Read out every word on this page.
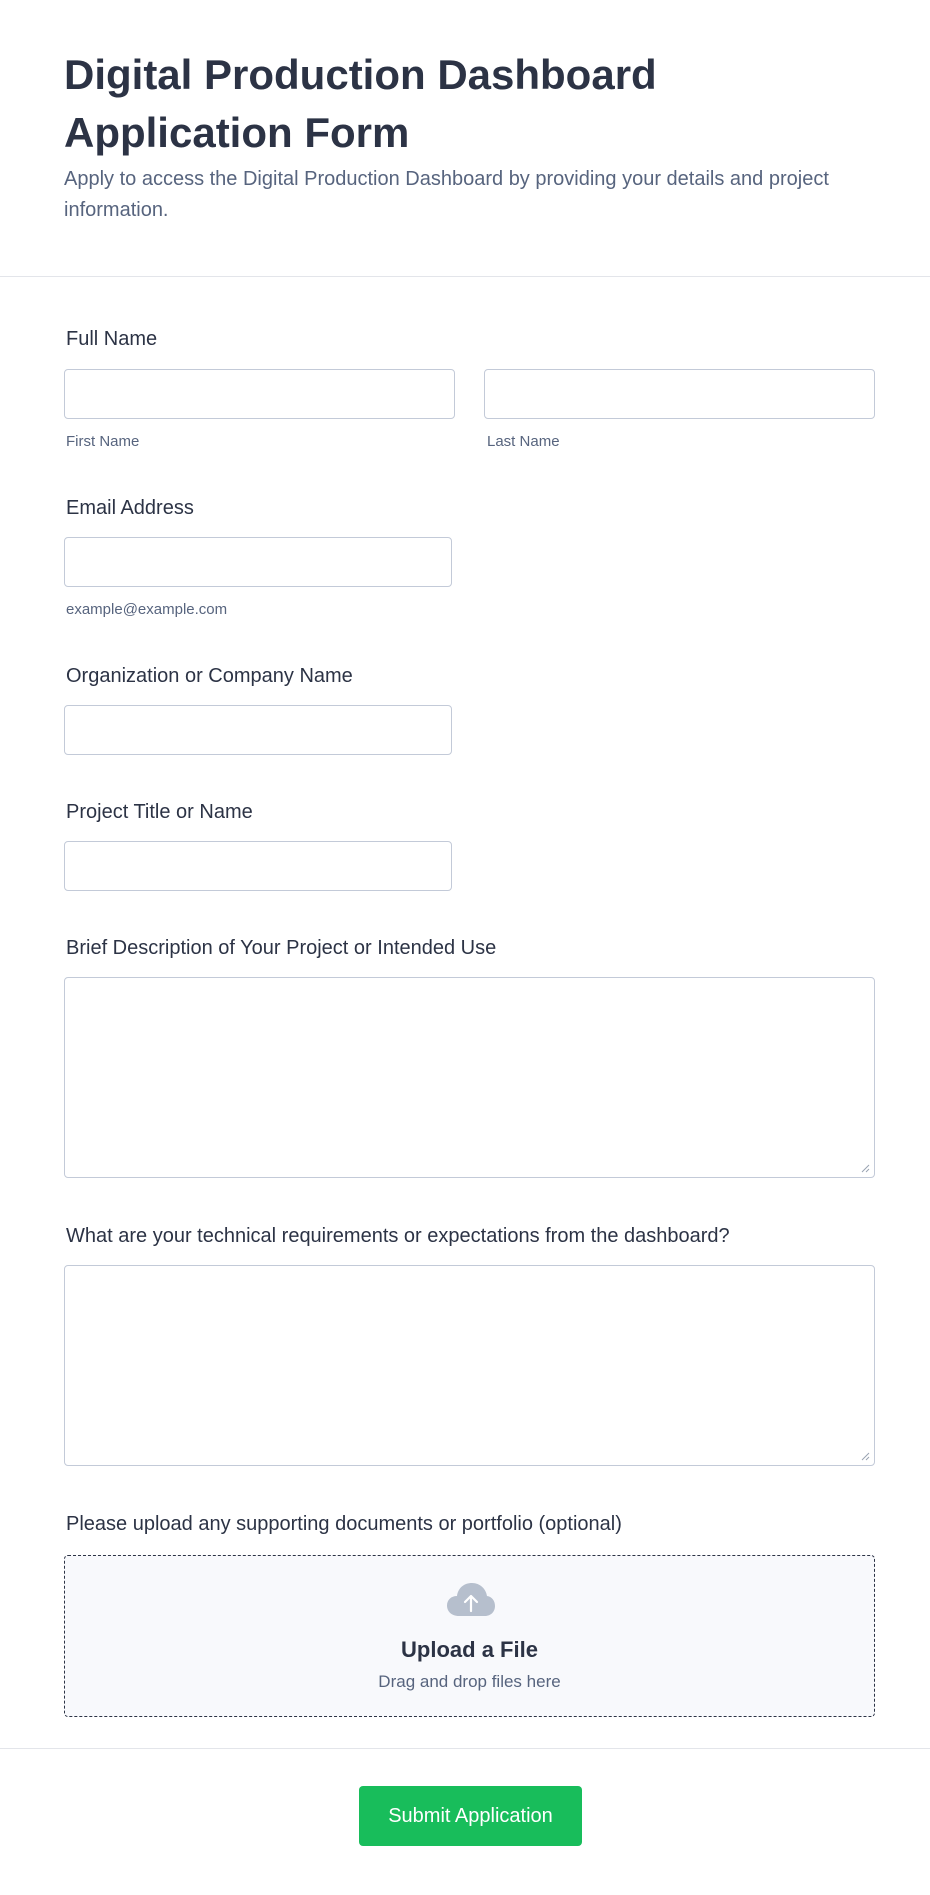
Digital Production Dashboard Application Form

Apply to access the Digital Production Dashboard by providing your details and project information.

Full Name
First Name	Last Name
Email Address
example@example.com
Organization or Company Name
Project Title or Name
Brief Description of Your Project or Intended Use
What are your technical requirements or expectations from the dashboard?
Please upload any supporting documents or portfolio (optional)
Upload a File
Drag and drop files here
Submit Application
